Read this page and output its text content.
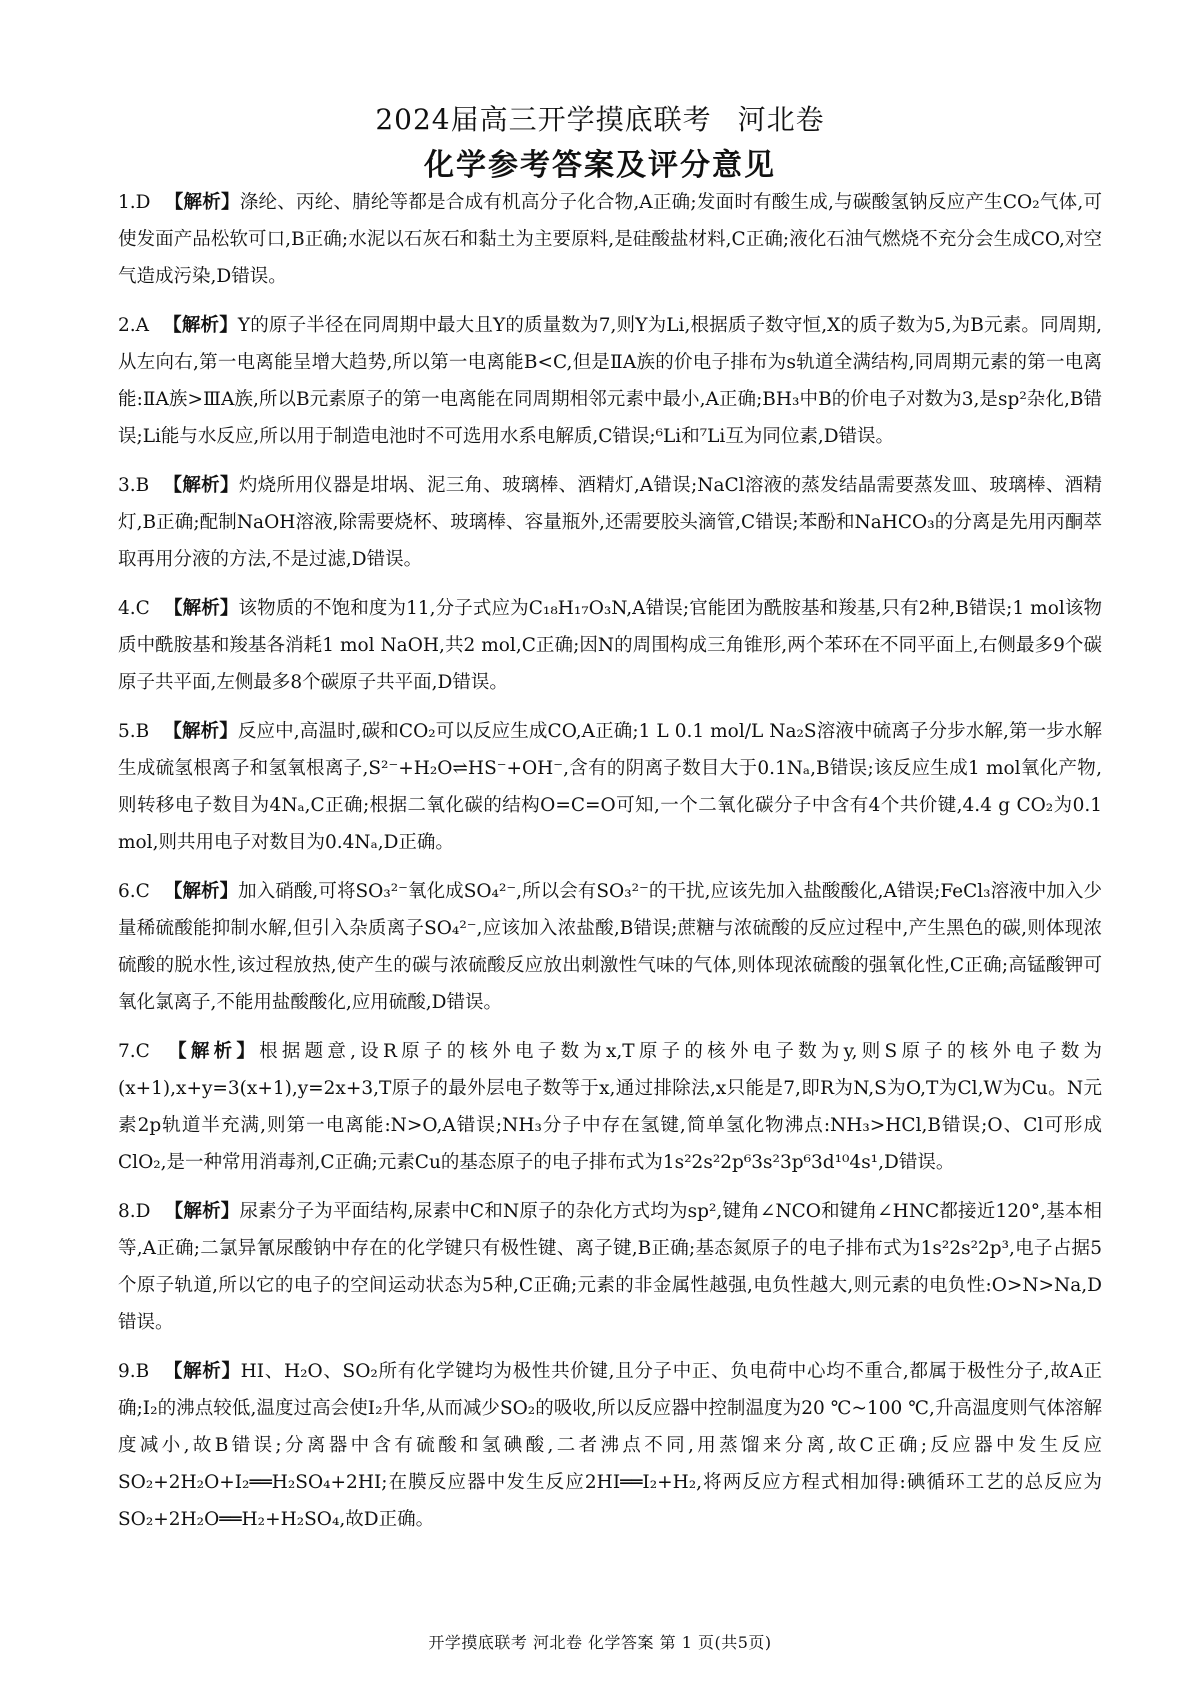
2024届高三开学摸底联考 河北卷
化学参考答案及评分意见

1.D 【解析】涤纶、丙纶、腈纶等都是合成有机高分子化合物,A正确;发面时有酸生成,与碳酸氢钠反应产生CO₂气体,可使发面产品松软可口,B正确;水泥以石灰石和黏土为主要原料,是硅酸盐材料,C正确;液化石油气燃烧不充分会生成CO,对空气造成污染,D错误。

2.A 【解析】Y的原子半径在同周期中最大且Y的质量数为7,则Y为Li,根据质子数守恒,X的质子数为5,为B元素。同周期,从左向右,第一电离能呈增大趋势,所以第一电离能B<C,但是ⅡA族的价电子排布为s轨道全满结构,同周期元素的第一电离能:ⅡA族>ⅢA族,所以B元素原子的第一电离能在同周期相邻元素中最小,A正确;BH₃中B的价电子对数为3,是sp²杂化,B错误;Li能与水反应,所以用于制造电池时不可选用水系电解质,C错误;⁶Li和⁷Li互为同位素,D错误。

3.B 【解析】灼烧所用仪器是坩埚、泥三角、玻璃棒、酒精灯,A错误;NaCl溶液的蒸发结晶需要蒸发皿、玻璃棒、酒精灯,B正确;配制NaOH溶液,除需要烧杯、玻璃棒、容量瓶外,还需要胶头滴管,C错误;苯酚和NaHCO₃的分离是先用丙酮萃取再用分液的方法,不是过滤,D错误。

4.C 【解析】该物质的不饱和度为11,分子式应为C₁₈H₁₇O₃N,A错误;官能团为酰胺基和羧基,只有2种,B错误;1 mol该物质中酰胺基和羧基各消耗1 mol NaOH,共2 mol,C正确;因N的周围构成三角锥形,两个苯环在不同平面上,右侧最多9个碳原子共平面,左侧最多8个碳原子共平面,D错误。

5.B 【解析】反应中,高温时,碳和CO₂可以反应生成CO,A正确;1 L 0.1 mol/L Na₂S溶液中硫离子分步水解,第一步水解生成硫氢根离子和氢氧根离子,S²⁻+H₂O⇌HS⁻+OH⁻,含有的阴离子数目大于0.1Nₐ,B错误;该反应生成1 mol氧化产物,则转移电子数目为4Nₐ,C正确;根据二氧化碳的结构O=C=O可知,一个二氧化碳分子中含有4个共价键,4.4 g CO₂为0.1 mol,则共用电子对数目为0.4Nₐ,D正确。

6.C 【解析】加入硝酸,可将SO₃²⁻氧化成SO₄²⁻,所以会有SO₃²⁻的干扰,应该先加入盐酸酸化,A错误;FeCl₃溶液中加入少量稀硫酸能抑制水解,但引入杂质离子SO₄²⁻,应该加入浓盐酸,B错误;蔗糖与浓硫酸的反应过程中,产生黑色的碳,则体现浓硫酸的脱水性,该过程放热,使产生的碳与浓硫酸反应放出刺激性气味的气体,则体现浓硫酸的强氧化性,C正确;高锰酸钾可氧化氯离子,不能用盐酸酸化,应用硫酸,D错误。

7.C 【解析】根据题意,设R原子的核外电子数为x,T原子的核外电子数为y,则S原子的核外电子数为(x+1),x+y=3(x+1),y=2x+3,T原子的最外层电子数等于x,通过排除法,x只能是7,即R为N,S为O,T为Cl,W为Cu。N元素2p轨道半充满,则第一电离能:N>O,A错误;NH₃分子中存在氢键,简单氢化物沸点:NH₃>HCl,B错误;O、Cl可形成ClO₂,是一种常用消毒剂,C正确;元素Cu的基态原子的电子排布式为1s²2s²2p⁶3s²3p⁶3d¹⁰4s¹,D错误。

8.D 【解析】尿素分子为平面结构,尿素中C和N原子的杂化方式均为sp²,键角∠NCO和键角∠HNC都接近120°,基本相等,A正确;二氯异氰尿酸钠中存在的化学键只有极性键、离子键,B正确;基态氮原子的电子排布式为1s²2s²2p³,电子占据5个原子轨道,所以它的电子的空间运动状态为5种,C正确;元素的非金属性越强,电负性越大,则元素的电负性:O>N>Na,D错误。

9.B 【解析】HI、H₂O、SO₂所有化学键均为极性共价键,且分子中正、负电荷中心均不重合,都属于极性分子,故A正确;I₂的沸点较低,温度过高会使I₂升华,从而减少SO₂的吸收,所以反应器中控制温度为20 ℃~100 ℃,升高温度则气体溶解度减小,故B错误;分离器中含有硫酸和氢碘酸,二者沸点不同,用蒸馏来分离,故C正确;反应器中发生反应SO₂+2H₂O+I₂══H₂SO₄+2HI;在膜反应器中发生反应2HI══I₂+H₂,将两反应方程式相加得:碘循环工艺的总反应为SO₂+2H₂O══H₂+H₂SO₄,故D正确。

开学摸底联考 河北卷 化学答案 第 1 页(共5页)
